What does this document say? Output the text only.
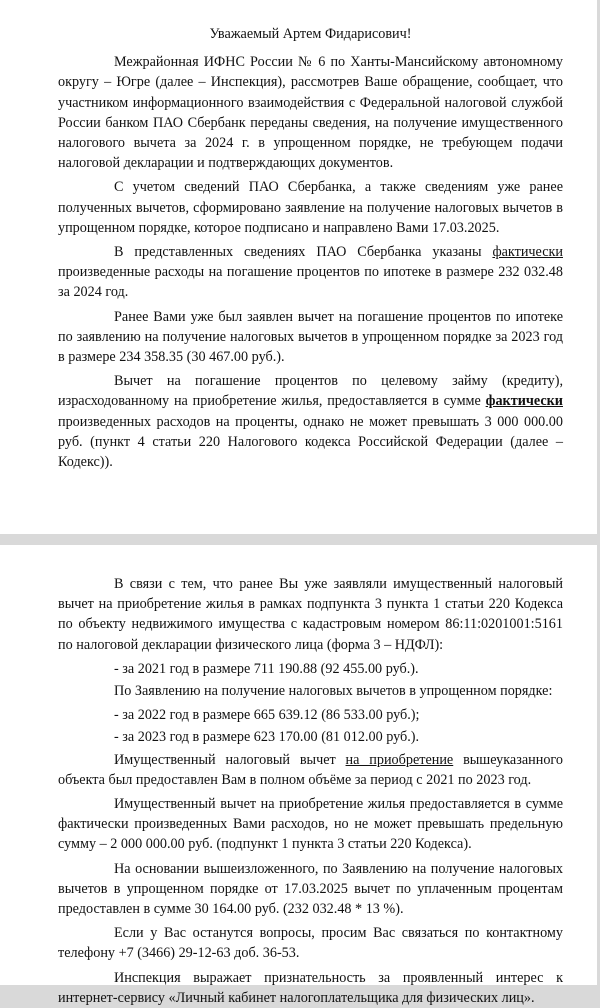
Уважаемый Артем Фидарисович!

Межрайонная ИФНС России № 6 по Ханты-Мансийскому автономному округу – Югре (далее – Инспекция), рассмотрев Ваше обращение, сообщает, что участником информационного взаимодействия с Федеральной налоговой службой России банком ПАО Сбербанк переданы сведения, на получение имущественного налогового вычета за 2024 г. в упрощенном порядке, не требующем подачи налоговой декларации и подтверждающих документов.

С учетом сведений ПАО Сбербанка, а также сведениям уже ранее полученных вычетов, сформировано заявление на получение налоговых вычетов в упрощенном порядке, которое подписано и направлено Вами 17.03.2025.

В представленных сведениях ПАО Сбербанка указаны фактически произведенные расходы на погашение процентов по ипотеке в размере 232 032.48 за 2024 год.

Ранее Вами уже был заявлен вычет на погашение процентов по ипотеке по заявлению на получение налоговых вычетов в упрощенном порядке за 2023 год в размере 234 358.35 (30 467.00 руб.).

Вычет на погашение процентов по целевому займу (кредиту), израсходованному на приобретение жилья, предоставляется в сумме фактически произведенных расходов на проценты, однако не может превышать 3 000 000.00 руб. (пункт 4 статьи 220 Налогового кодекса Российской Федерации (далее – Кодекс)).

В связи с тем, что ранее Вы уже заявляли имущественный налоговый вычет на приобретение жилья в рамках подпункта 3 пункта 1 статьи 220 Кодекса по объекту недвижимого имущества с кадастровым номером 86:11:0201001:5161 по налоговой декларации физического лица (форма 3 – НДФЛ):

- за 2021 год в размере 711 190.88 (92 455.00 руб.).

По Заявлению на получение налоговых вычетов в упрощенном порядке:

- за 2022 год в размере 665 639.12 (86 533.00 руб.);
- за 2023 год в размере 623 170.00 (81 012.00 руб.).

Имущественный налоговый вычет на приобретение вышеуказанного объекта был предоставлен Вам в полном объёме за период с 2021 по 2023 год.

Имущественный вычет на приобретение жилья предоставляется в сумме фактически произведенных Вами расходов, но не может превышать предельную сумму – 2 000 000.00 руб. (подпункт 1 пункта 3 статьи 220 Кодекса).

На основании вышеизложенного, по Заявлению на получение налоговых вычетов в упрощенном порядке от 17.03.2025 вычет по уплаченным процентам предоставлен в сумме 30 164.00 руб. (232 032.48 * 13 %).

Если у Вас останутся вопросы, просим Вас связаться по контактному телефону +7 (3466) 29-12-63 доб. 36-53.

Инспекция выражает признательность за проявленный интерес к интернет-сервису «Личный кабинет налогоплательщика для физических лиц».
